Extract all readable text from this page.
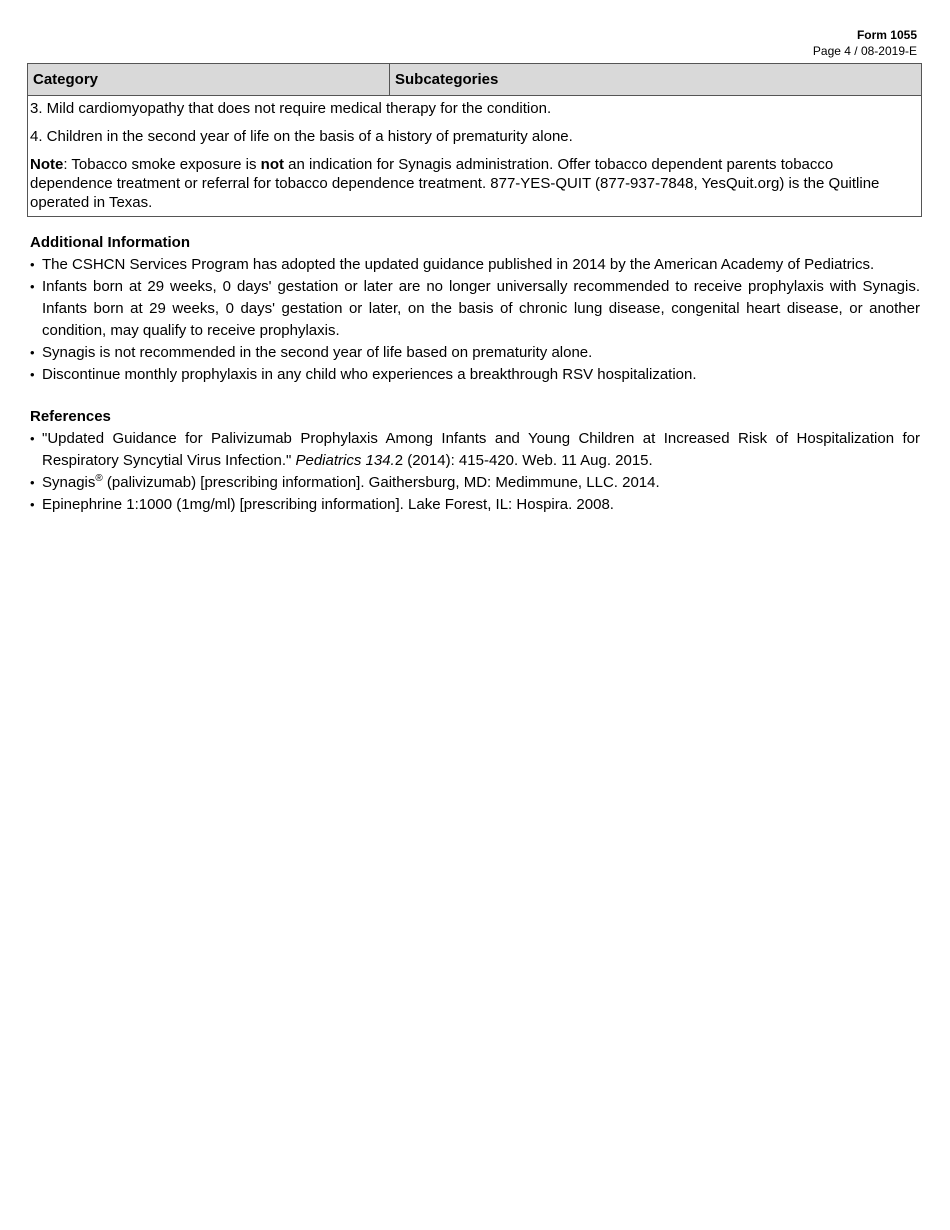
Form 1055
Page 4 / 08-2019-E
Category	Subcategories
3. Mild cardiomyopathy that does not require medical therapy for the condition.
4. Children in the second year of life on the basis of a history of prematurity alone.
Note: Tobacco smoke exposure is not an indication for Synagis administration. Offer tobacco dependent parents tobacco dependence treatment or referral for tobacco dependence treatment. 877-YES-QUIT (877-937-7848, YesQuit.org) is the Quitline operated in Texas.
Additional Information
• The CSHCN Services Program has adopted the updated guidance published in 2014 by the American Academy of Pediatrics.
• Infants born at 29 weeks, 0 days' gestation or later are no longer universally recommended to receive prophylaxis with Synagis. Infants born at 29 weeks, 0 days' gestation or later, on the basis of chronic lung disease, congenital heart disease, or another condition, may qualify to receive prophylaxis.
• Synagis is not recommended in the second year of life based on prematurity alone.
• Discontinue monthly prophylaxis in any child who experiences a breakthrough RSV hospitalization.
References
• "Updated Guidance for Palivizumab Prophylaxis Among Infants and Young Children at Increased Risk of Hospitalization for Respiratory Syncytial Virus Infection." Pediatrics 134.2 (2014): 415-420. Web. 11 Aug. 2015.
• Synagis® (palivizumab) [prescribing information]. Gaithersburg, MD: Medimmune, LLC. 2014.
• Epinephrine 1:1000 (1mg/ml) [prescribing information]. Lake Forest, IL: Hospira. 2008.
